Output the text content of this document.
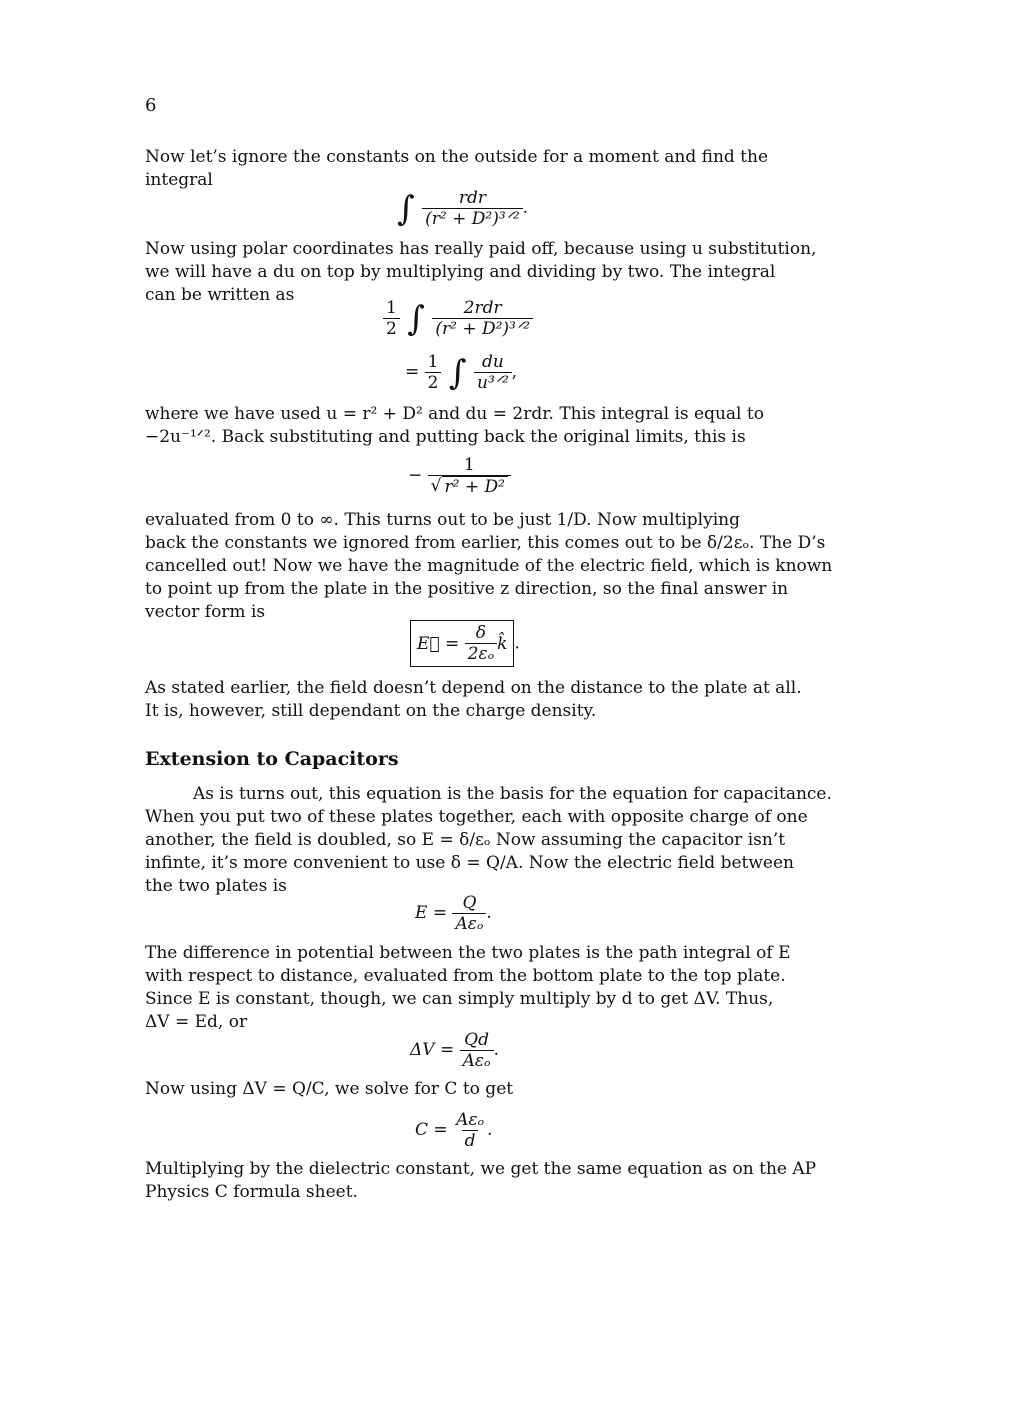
6
Now let’s ignore the constants on the outside for a moment and find the
integral
∫ $\frac{\text{rdr}}{\text{(r² + D²)³ᐟ²}}$ .
Now using polar coordinates has really paid off, because using u substitution,
we will have a du on top by multiplying and dividing by two. The integral
can be written as
$\frac{1}{2}$ ∫ $\frac{\text{2rdr}}{\text{(r² + D²)³ᐟ²}}$
= $\frac{1}{2}$ ∫ $\frac{du}{\text{u³ᐟ²}}$ ,
where we have used u = r² + D² and du = 2rdr. This integral is equal to
−2u⁻¹ᐟ². Back substituting and putting back the original limits, this is
− $\frac{1}{\text{√ r² + D²}}$
evaluated from 0 to ∞. This turns out to be just 1/D. Now multiplying
back the constants we ignored from earlier, this comes out to be δ/2εₒ. The D’s
cancelled out! Now we have the magnitude of the electric field, which is known
to point up from the plate in the positive z direction, so the final answer in
vector form is
E⃗ =
$\frac{\delta}{\text{2εₒ}}$ k̂ .
As stated earlier, the field doesn’t depend on the distance to the plate at all.
It is, however, still dependant on the charge density.
Extension to Capacitors
As is turns out, this equation is the basis for the equation for capacitance.
When you put two of these plates together, each with opposite charge of one
another, the field is doubled, so E = δ/εₒ Now assuming the capacitor isn’t
infinte, it’s more convenient to use δ = Q/A. Now the electric field between
the two plates is
$E = \frac{Q}{\text{Aεₒ}}$ .
The difference in potential between the two plates is the path integral of E
with respect to distance, evaluated from the bottom plate to the top plate.
Since E is constant, though, we can simply multiply by d to get ΔV. Thus,
ΔV = Ed, or
$\Delta V = \frac{Qd}{\text{Aεₒ}}$ .
Now using ΔV = Q/C, we solve for C to get
$C = \frac{\text{Aεₒ}}{d}$ .
Multiplying by the dielectric constant, we get the same equation as on the AP
Physics C formula sheet.
